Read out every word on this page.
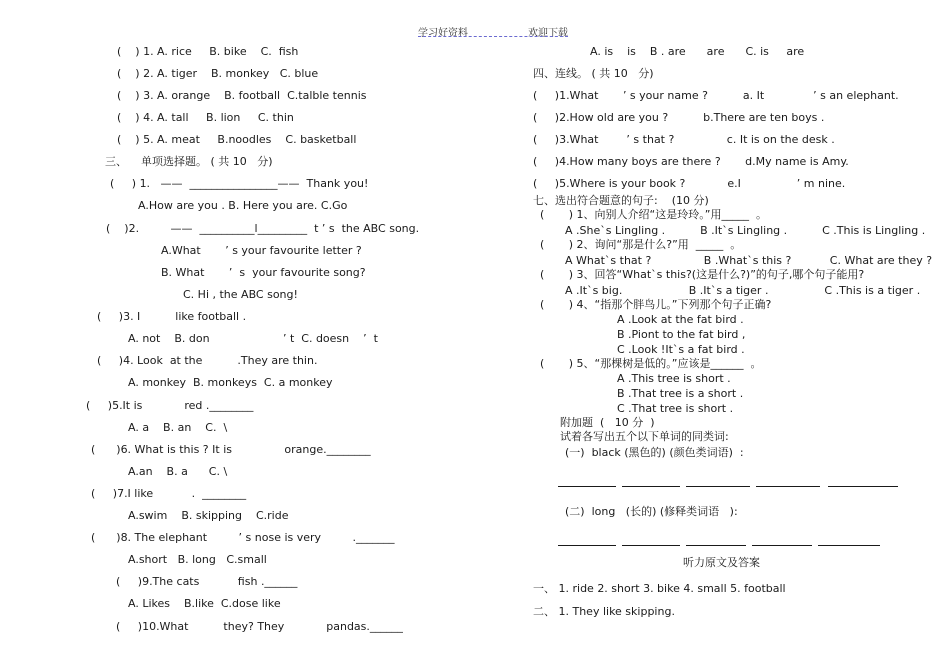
学习好资料	欢迎下载
(    ) 1. A. rice     B. bike    C.  fish
(    ) 2. A. tiger    B. monkey   C. blue
(    ) 3. A. orange    B. football  C.talble tennis
(    ) 4. A. tall     B. lion     C. thin
(    ) 5. A. meat     B.noodles    C. basketball
三、    单项选择题。 ( 共 10   分)
(     ) 1.   ——  ________________——  Thank you!
A.How are you . B. Here you are. C.Go
(    )2.         ——  __________l_________  t ’ s  the ABC song.
A.What       ’ s your favourite letter ?
B. What       ’  s  your favourite song?
C. Hi , the ABC song!
(     )3. I          like football .
A. not    B. don                     ’ t  C. doesn    ’  t
(     )4. Look  at the          .They are thin.
A. monkey  B. monkeys  C. a monkey
(     )5.It is            red .________
A. a    B. an    C.  \
(      )6. What is this ? It is               orange.________
A.an    B. a      C. \
(     )7.I like           .  ________
A.swim    B. skipping    C.ride
(      )8. The elephant         ’ s nose is very         ._______
A.short   B. long   C.small
(     )9.The cats           fish .______
A. Likes    B.like  C.dose like
(     )10.What          they? They            pandas.______
A. is    is    B . are      are      C. is     are
四、连线。 ( 共 10   分)
(     )1.What       ’ s your name ?          a. It              ’ s an elephant.
(     )2.How old are you ?          b.There are ten boys .
(     )3.What        ’ s that ?               c. It is on the desk .
(     )4.How many boys are there ?       d.My name is Amy.
(     )5.Where is your book ?            e.I                ’ m nine.
七、选出符合题意的句子:    (10 分)
(       ) 1、向别人介绍“这是玲玲。”用_____  。
A .She`s Lingling .          B .It`s Lingling .          C .This is Lingling .
(       ) 2、询问“那是什么?”用  _____  。
A What`s that ?               B .What`s this ?           C. What are they ?
(       ) 3、回答“What`s this?(这是什么?)”的句子,哪个句子能用?
A .It`s big.                   B .It`s a tiger .                C .This is a tiger .
(       ) 4、“指那个胖鸟儿。”下列那个句子正确?
A .Look at the fat bird .
B .Piont to the fat bird ,
C .Look !It`s a fat bird .
(       ) 5、“那棵树是低的。”应该是______  。
A .This tree is short .
B .That tree is a short .
C .That tree is short .
附加题  (   10 分  )
试着各写出五个以下单词的同类词:
(一)  black (黑色的) (颜色类词语)  :
(二)  long   (长的) (修释类词语   ):
听力原文及答案
一、 1. ride 2. short 3. bike 4. small 5. football
二、 1. They like skipping.
